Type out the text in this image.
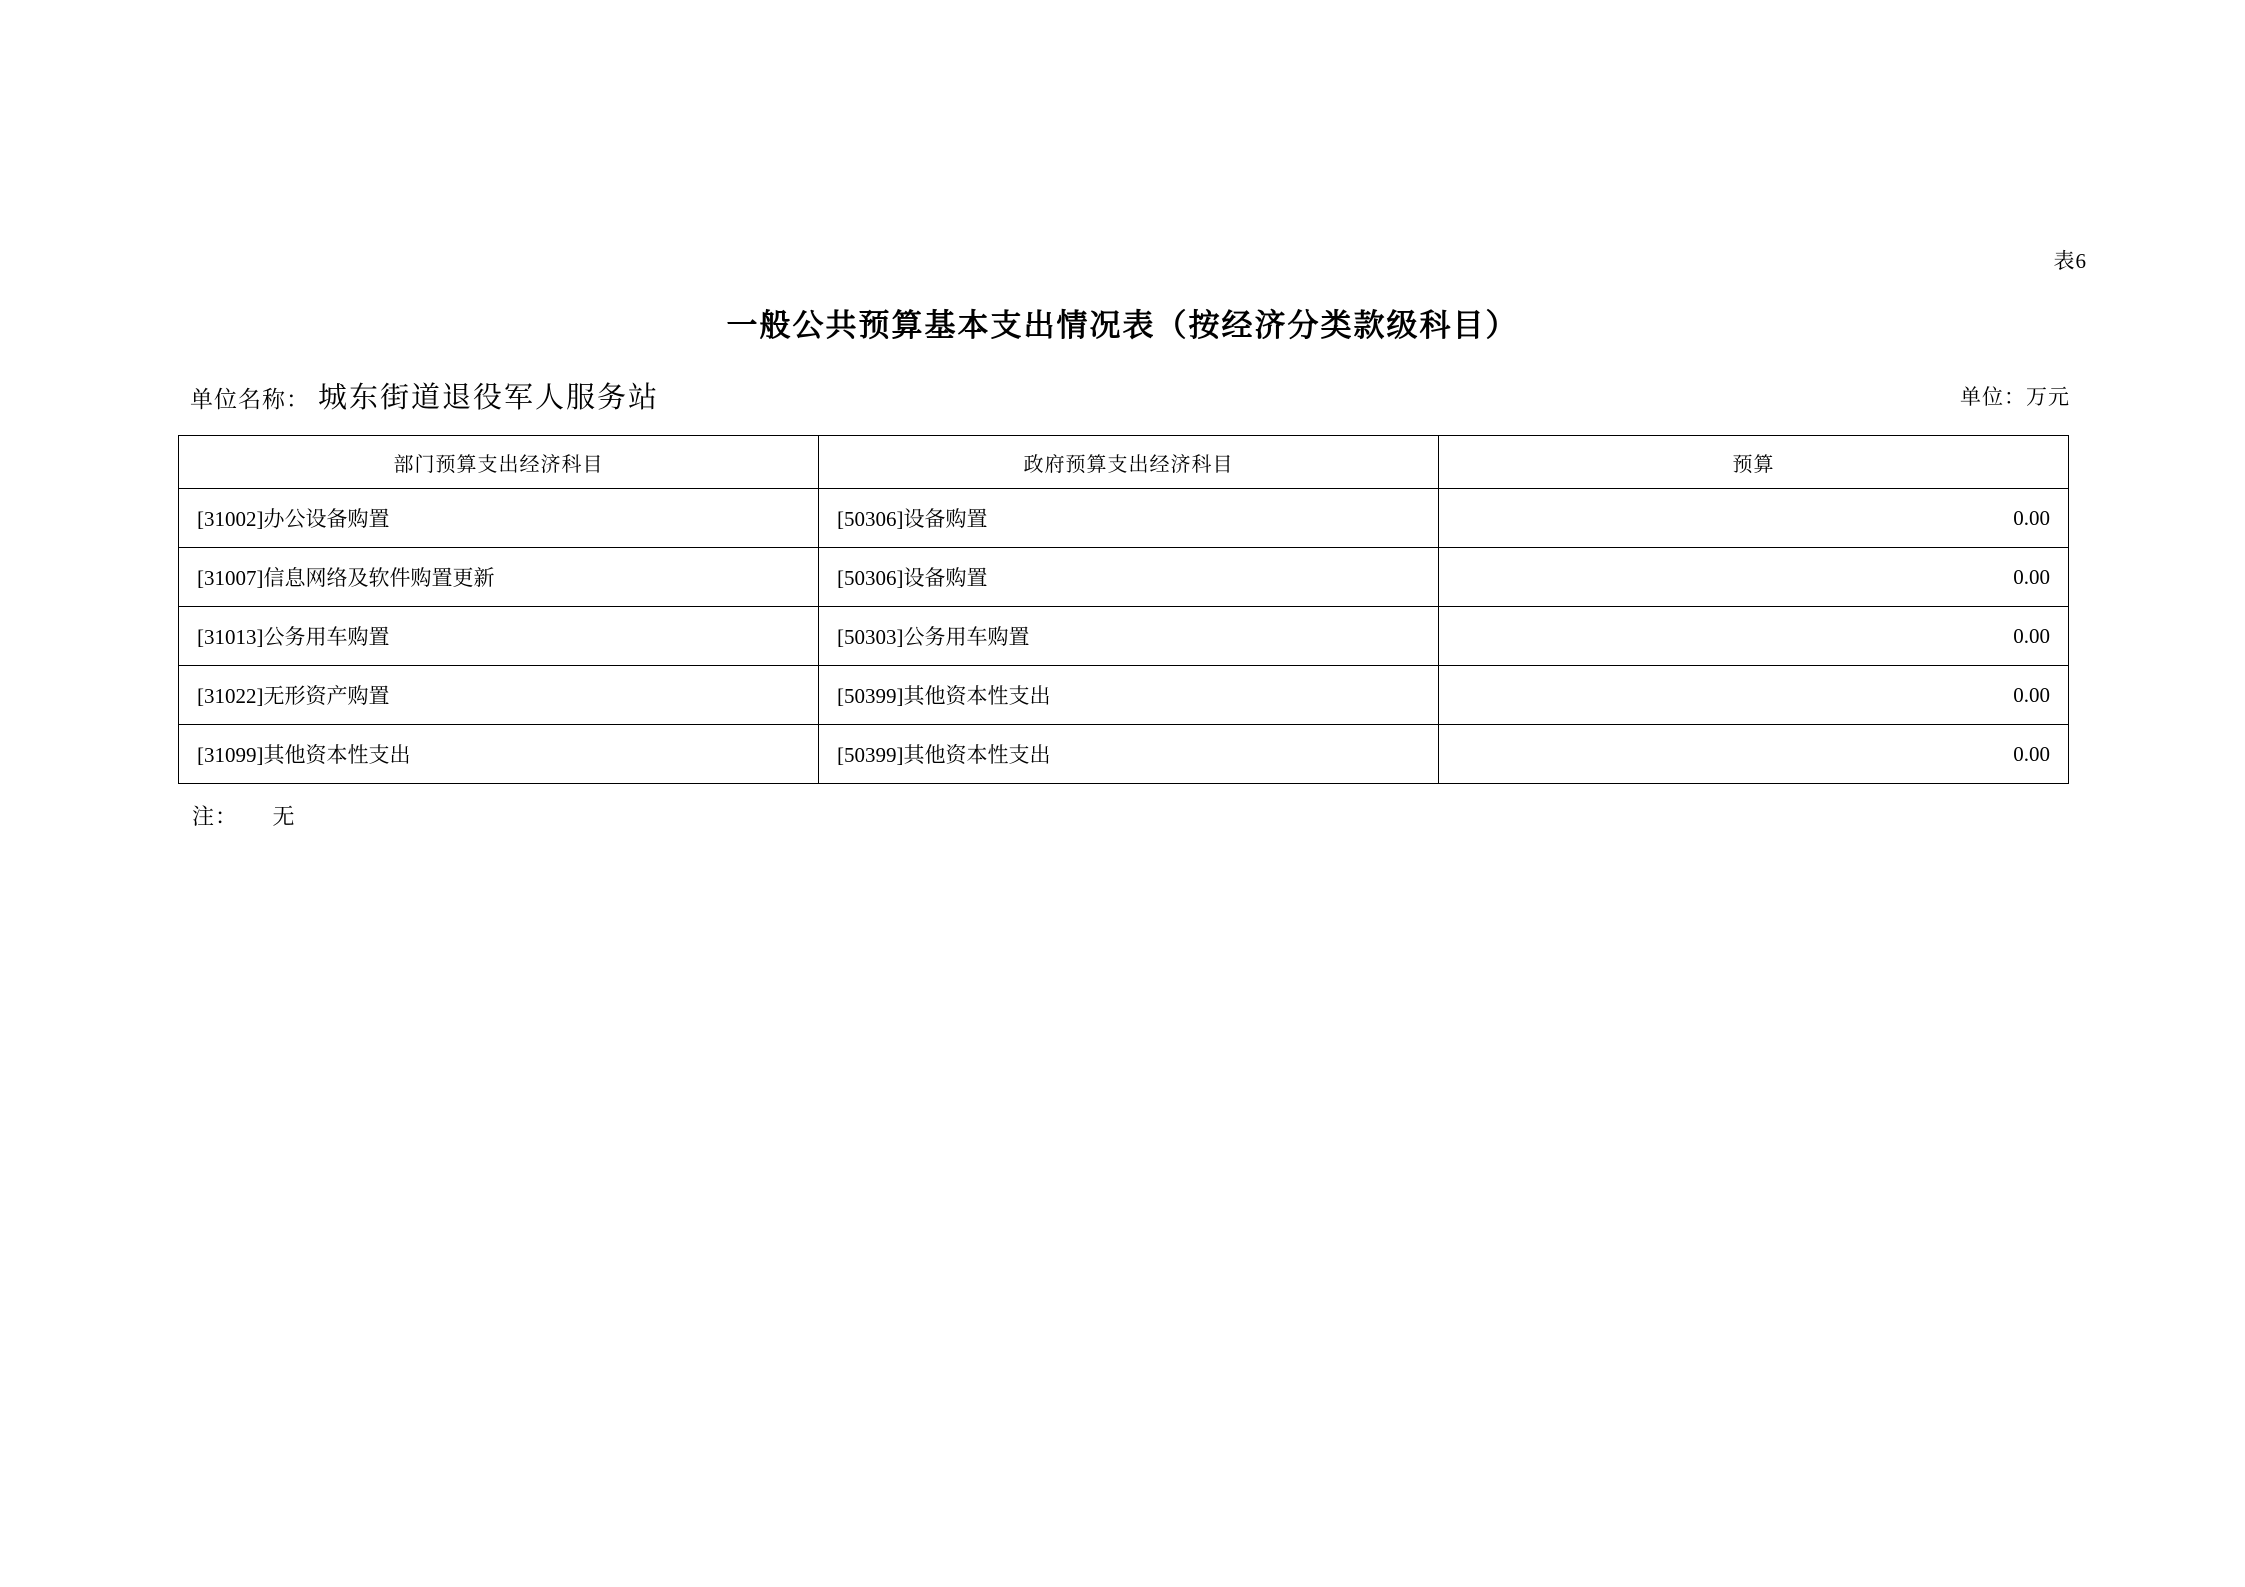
表6
一般公共预算基本支出情况表（按经济分类款级科目）
单位名称： 城东街道退役军人服务站	单位：万元
部门预算支出经济科目	政府预算支出经济科目	预算
[31002]办公设备购置	[50306]设备购置	0.00
[31007]信息网络及软件购置更新	[50306]设备购置	0.00
[31013]公务用车购置	[50303]公务用车购置	0.00
[31022]无形资产购置	[50399]其他资本性支出	0.00
[31099]其他资本性支出	[50399]其他资本性支出	0.00
注： 无
